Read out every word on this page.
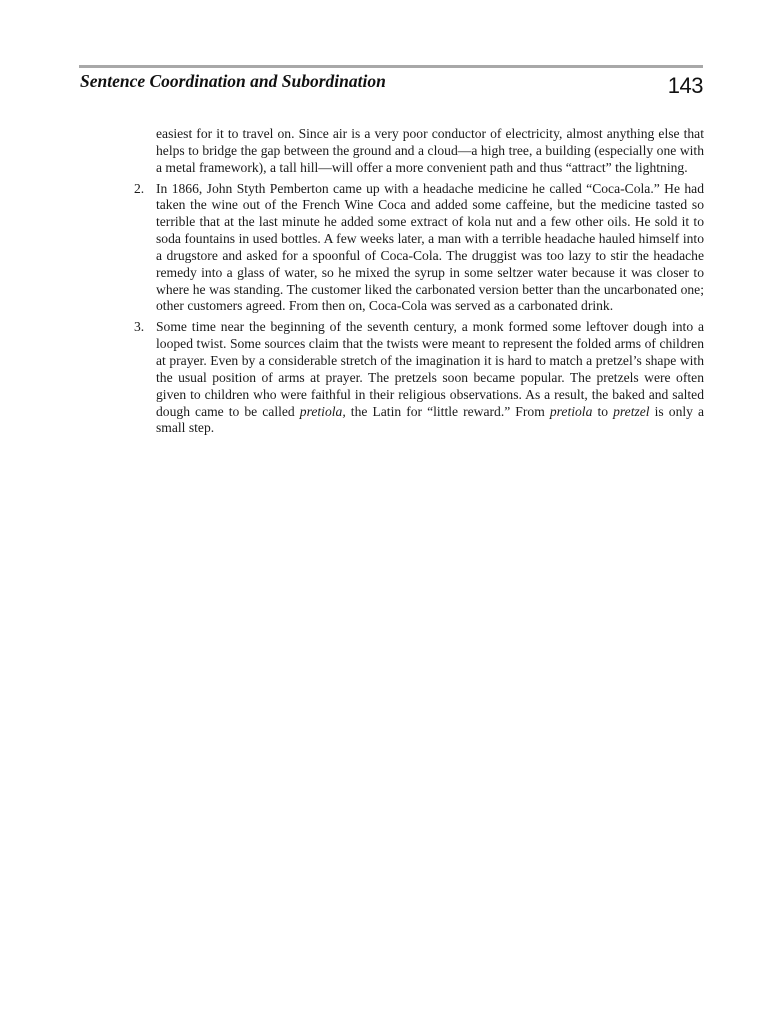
Sentence Coordination and Subordination	143

easiest for it to travel on. Since air is a very poor conductor of electricity, almost anything else that helps to bridge the gap between the ground and a cloud—a high tree, a building (especially one with a metal framework), a tall hill—will offer a more convenient path and thus “attract” the lightning.

2. In 1866, John Styth Pemberton came up with a headache medicine he called “Coca-Cola.” He had taken the wine out of the French Wine Coca and added some caffeine, but the medicine tasted so terrible that at the last minute he added some extract of kola nut and a few other oils. He sold it to soda fountains in used bottles. A few weeks later, a man with a terrible headache hauled himself into a drugstore and asked for a spoonful of Coca-Cola. The druggist was too lazy to stir the headache remedy into a glass of water, so he mixed the syrup in some seltzer water because it was closer to where he was standing. The customer liked the carbonated version better than the uncarbonated one; other customers agreed. From then on, Coca-Cola was served as a carbonated drink.

3. Some time near the beginning of the seventh century, a monk formed some leftover dough into a looped twist. Some sources claim that the twists were meant to represent the folded arms of children at prayer. Even by a considerable stretch of the imagination it is hard to match a pretzel’s shape with the usual position of arms at prayer. The pretzels soon became popular. The pretzels were often given to children who were faithful in their religious observations. As a result, the baked and salted dough came to be called pretiola, the Latin for “little reward.” From pretiola to pretzel is only a small step.
